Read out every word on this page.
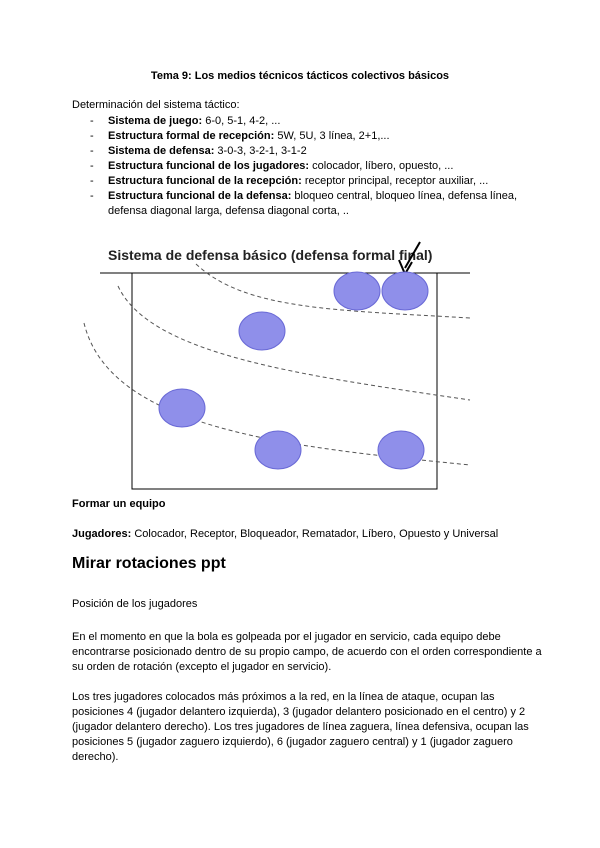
Tema 9: Los medios técnicos tácticos colectivos básicos
Determinación del sistema táctico:
- Sistema de juego: 6-0, 5-1, 4-2, ...
- Estructura formal de recepción: 5W, 5U, 3 línea, 2+1,...
- Sistema de defensa: 3-0-3, 3-2-1, 3-1-2
- Estructura funcional de los jugadores: colocador, líbero, opuesto, ...
- Estructura funcional de la recepción: receptor principal, receptor auxiliar, ...
- Estructura funcional de la defensa: bloqueo central, bloqueo línea, defensa línea, defensa diagonal larga, defensa diagonal corta, ..
Sistema de defensa básico (defensa formal final)
Formar un equipo
Jugadores: Colocador, Receptor, Bloqueador, Rematador, Líbero, Opuesto y Universal
Mirar rotaciones ppt
Posición de los jugadores
En el momento en que la bola es golpeada por el jugador en servicio, cada equipo debe encontrarse posicionado dentro de su propio campo, de acuerdo con el orden correspondiente a su orden de rotación (excepto el jugador en servicio).
Los tres jugadores colocados más próximos a la red, en la línea de ataque, ocupan las posiciones 4 (jugador delantero izquierda), 3 (jugador delantero posicionado en el centro) y 2 (jugador delantero derecho). Los tres jugadores de línea zaguera, línea defensiva, ocupan las posiciones 5 (jugador zaguero izquierdo), 6 (jugador zaguero central) y 1 (jugador zaguero derecho).
